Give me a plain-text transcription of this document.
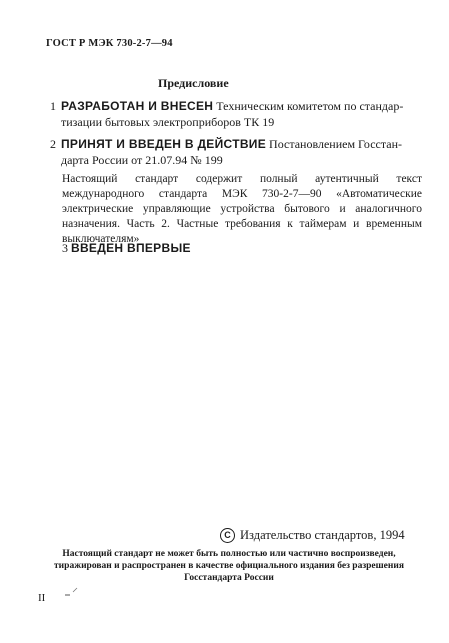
ГОСТ Р МЭК 730-2-7—94
Предисловие
1 РАЗРАБОТАН И ВНЕСЕН Техническим комитетом по стандар-
тизации бытовых электроприборов ТК 19
2 ПРИНЯТ И ВВЕДЕН В ДЕЙСТВИЕ Постановлением Госстан-
дарта России от 21.07.94 № 199
Настоящий стандарт содержит полный аутентичный текст международного стандарта МЭК 730-2-7—90 «Автоматические электрические управляющие устройства бытового и аналогичного назначения. Часть 2. Частные требования к таймерам и временным выключателям»
3 ВВЕДЕН ВПЕРВЫЕ
C Издательство стандартов, 1994
Настоящий стандарт не может быть полностью или частично воспроизведен,
тиражирован и распространен в качестве официального издания без разрешения
Госстандарта России
II
